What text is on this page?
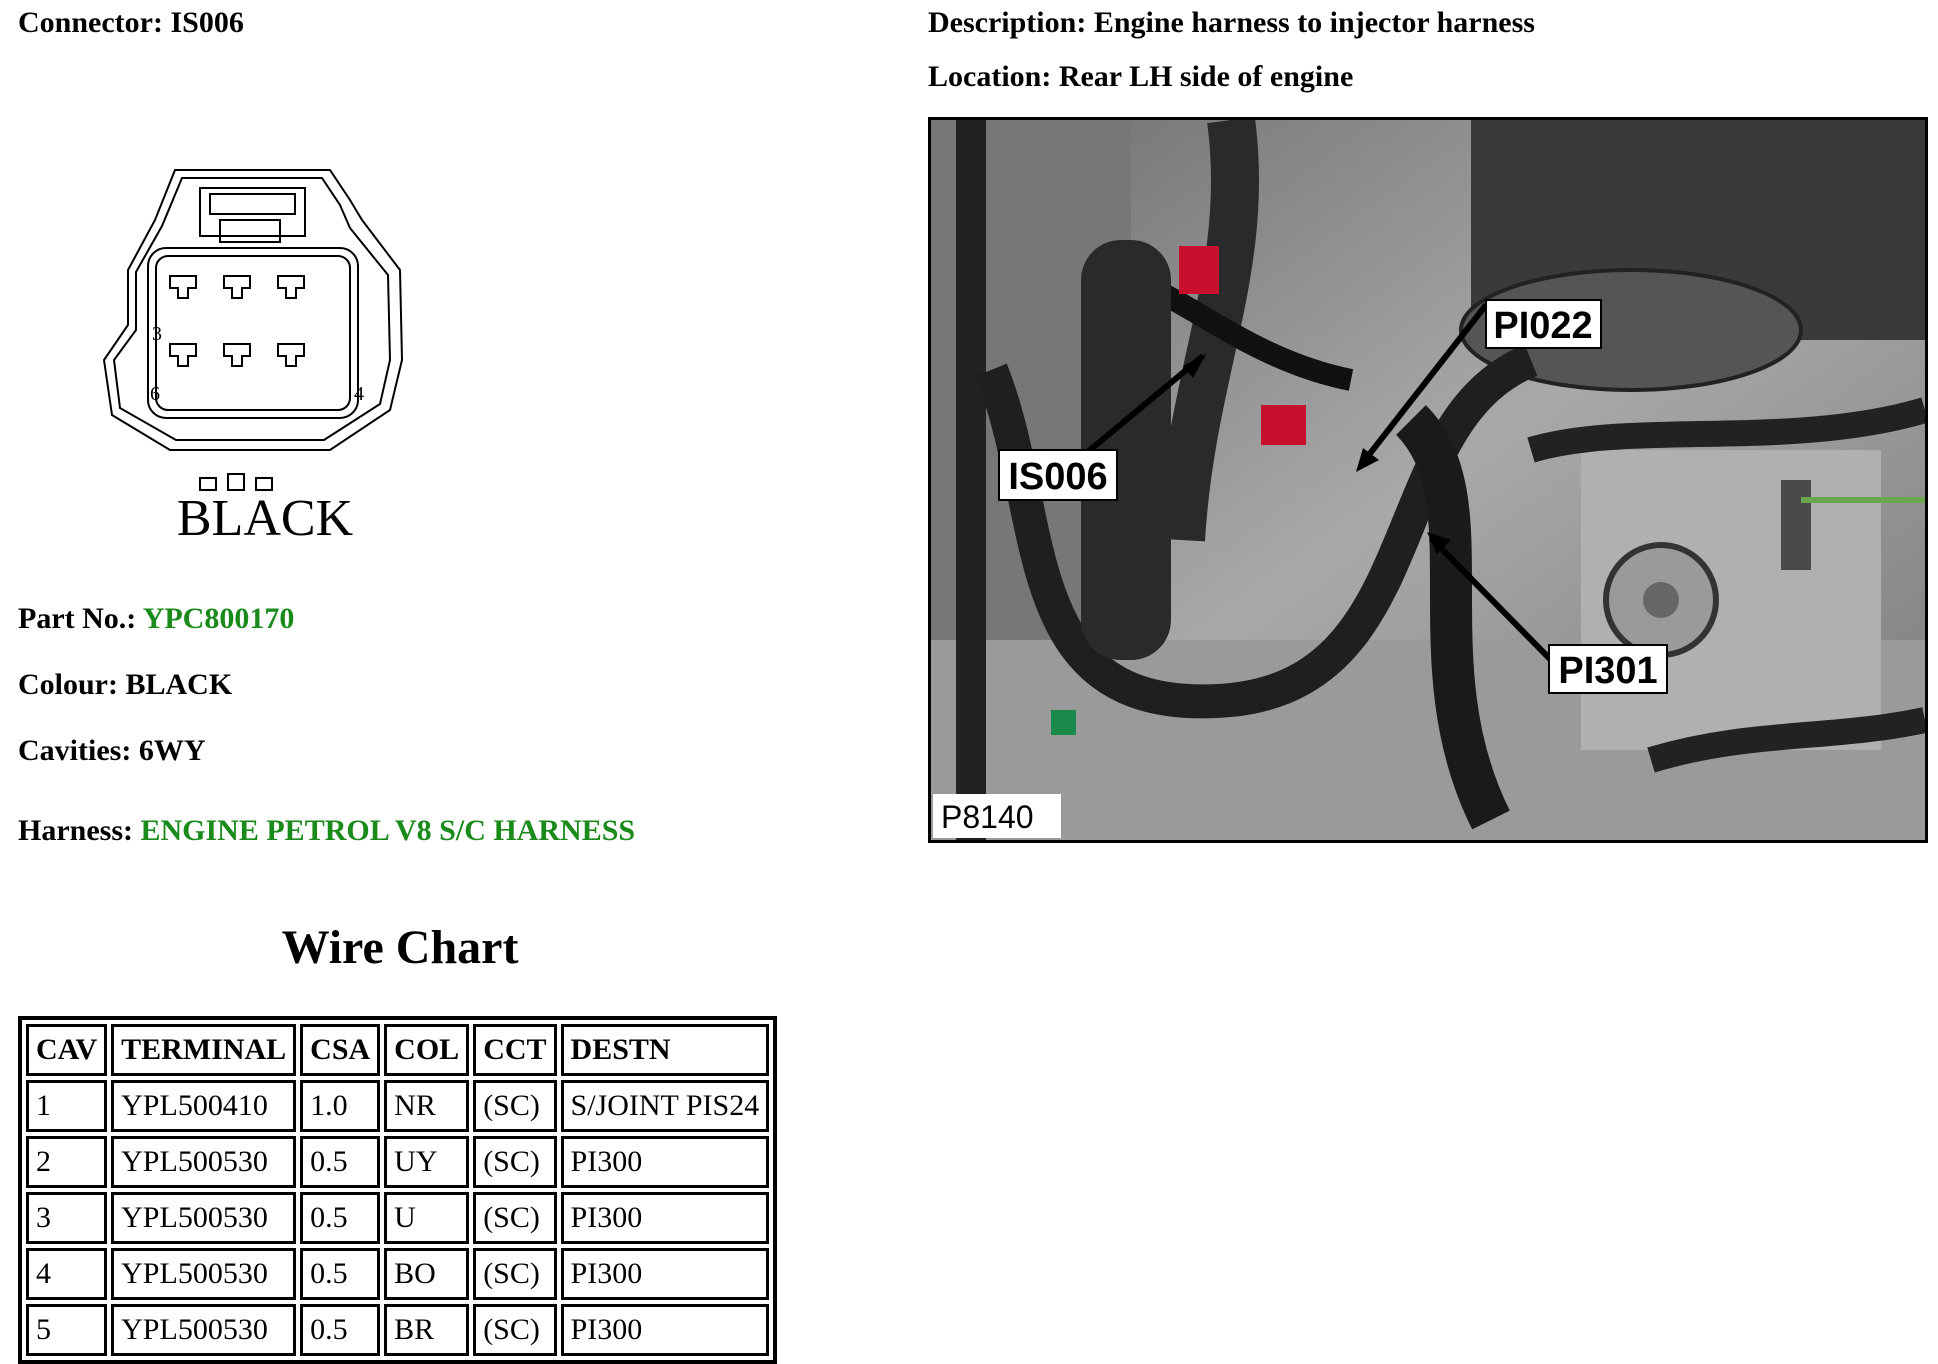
Connector: IS006	Description: Engine harness to injector harness
Location: Rear LH side of engine
3
6	4
BLACK
PI022
IS006
PI301
P8140
Part No.: YPC800170
Colour: BLACK
Cavities: 6WY
Harness: ENGINE PETROL V8 S/C HARNESS
Wire Chart
CAV	TERMINAL	CSA	COL	CCT	DESTN
1	YPL500410	1.0	NR	(SC)	S/JOINT PIS24
2	YPL500530	0.5	UY	(SC)	PI300
3	YPL500530	0.5	U	(SC)	PI300
4	YPL500530	0.5	BO	(SC)	PI300
5	YPL500530	0.5	BR	(SC)	PI300
